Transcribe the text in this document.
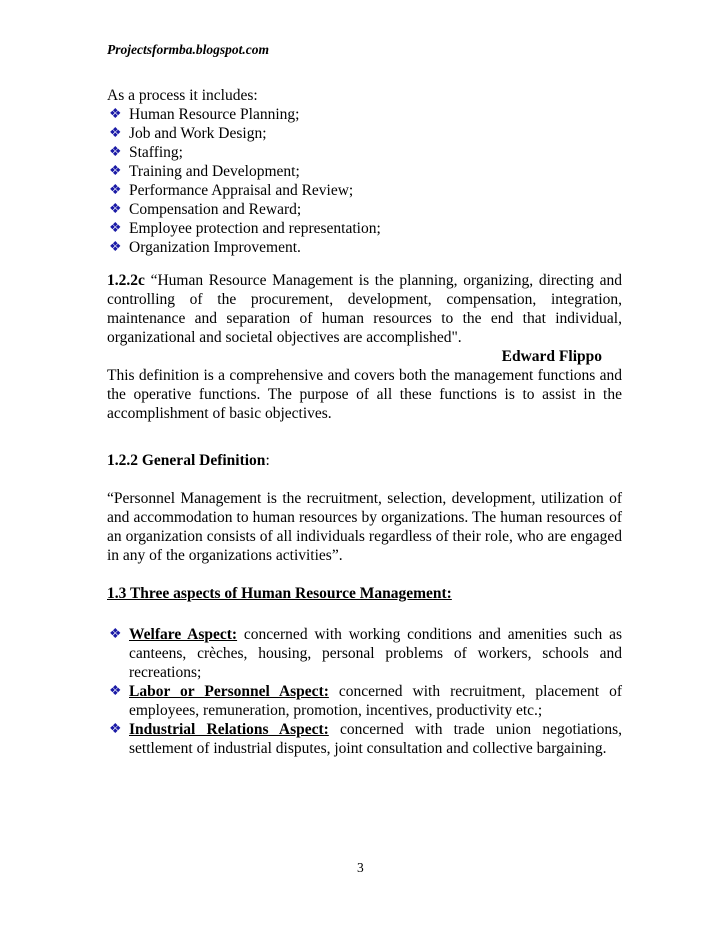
Projectsformba.blogspot.com
As a process it includes:
❖ Human Resource Planning;
❖ Job and Work Design;
❖ Staffing;
❖ Training and Development;
❖ Performance Appraisal and Review;
❖ Compensation and Reward;
❖ Employee protection and representation;
❖ Organization Improvement.
1.2.2c “Human Resource Management is the planning, organizing, directing and controlling of the procurement, development, compensation, integration, maintenance and separation of human resources to the end that individual, organizational and societal objectives are accomplished".
Edward Flippo
This definition is a comprehensive and covers both the management functions and the operative functions. The purpose of all these functions is to assist in the accomplishment of basic objectives.
1.2.2 General Definition:
“Personnel Management is the recruitment, selection, development, utilization of and accommodation to human resources by organizations. The human resources of an organization consists of all individuals regardless of their role, who are engaged in any of the organizations activities”.
1.3 Three aspects of Human Resource Management:
❖ Welfare Aspect: concerned with working conditions and amenities such as canteens, crèches, housing, personal problems of workers, schools and recreations;
❖ Labor or Personnel Aspect: concerned with recruitment, placement of employees, remuneration, promotion, incentives, productivity etc.;
❖ Industrial Relations Aspect: concerned with trade union negotiations, settlement of industrial disputes, joint consultation and collective bargaining.
3
